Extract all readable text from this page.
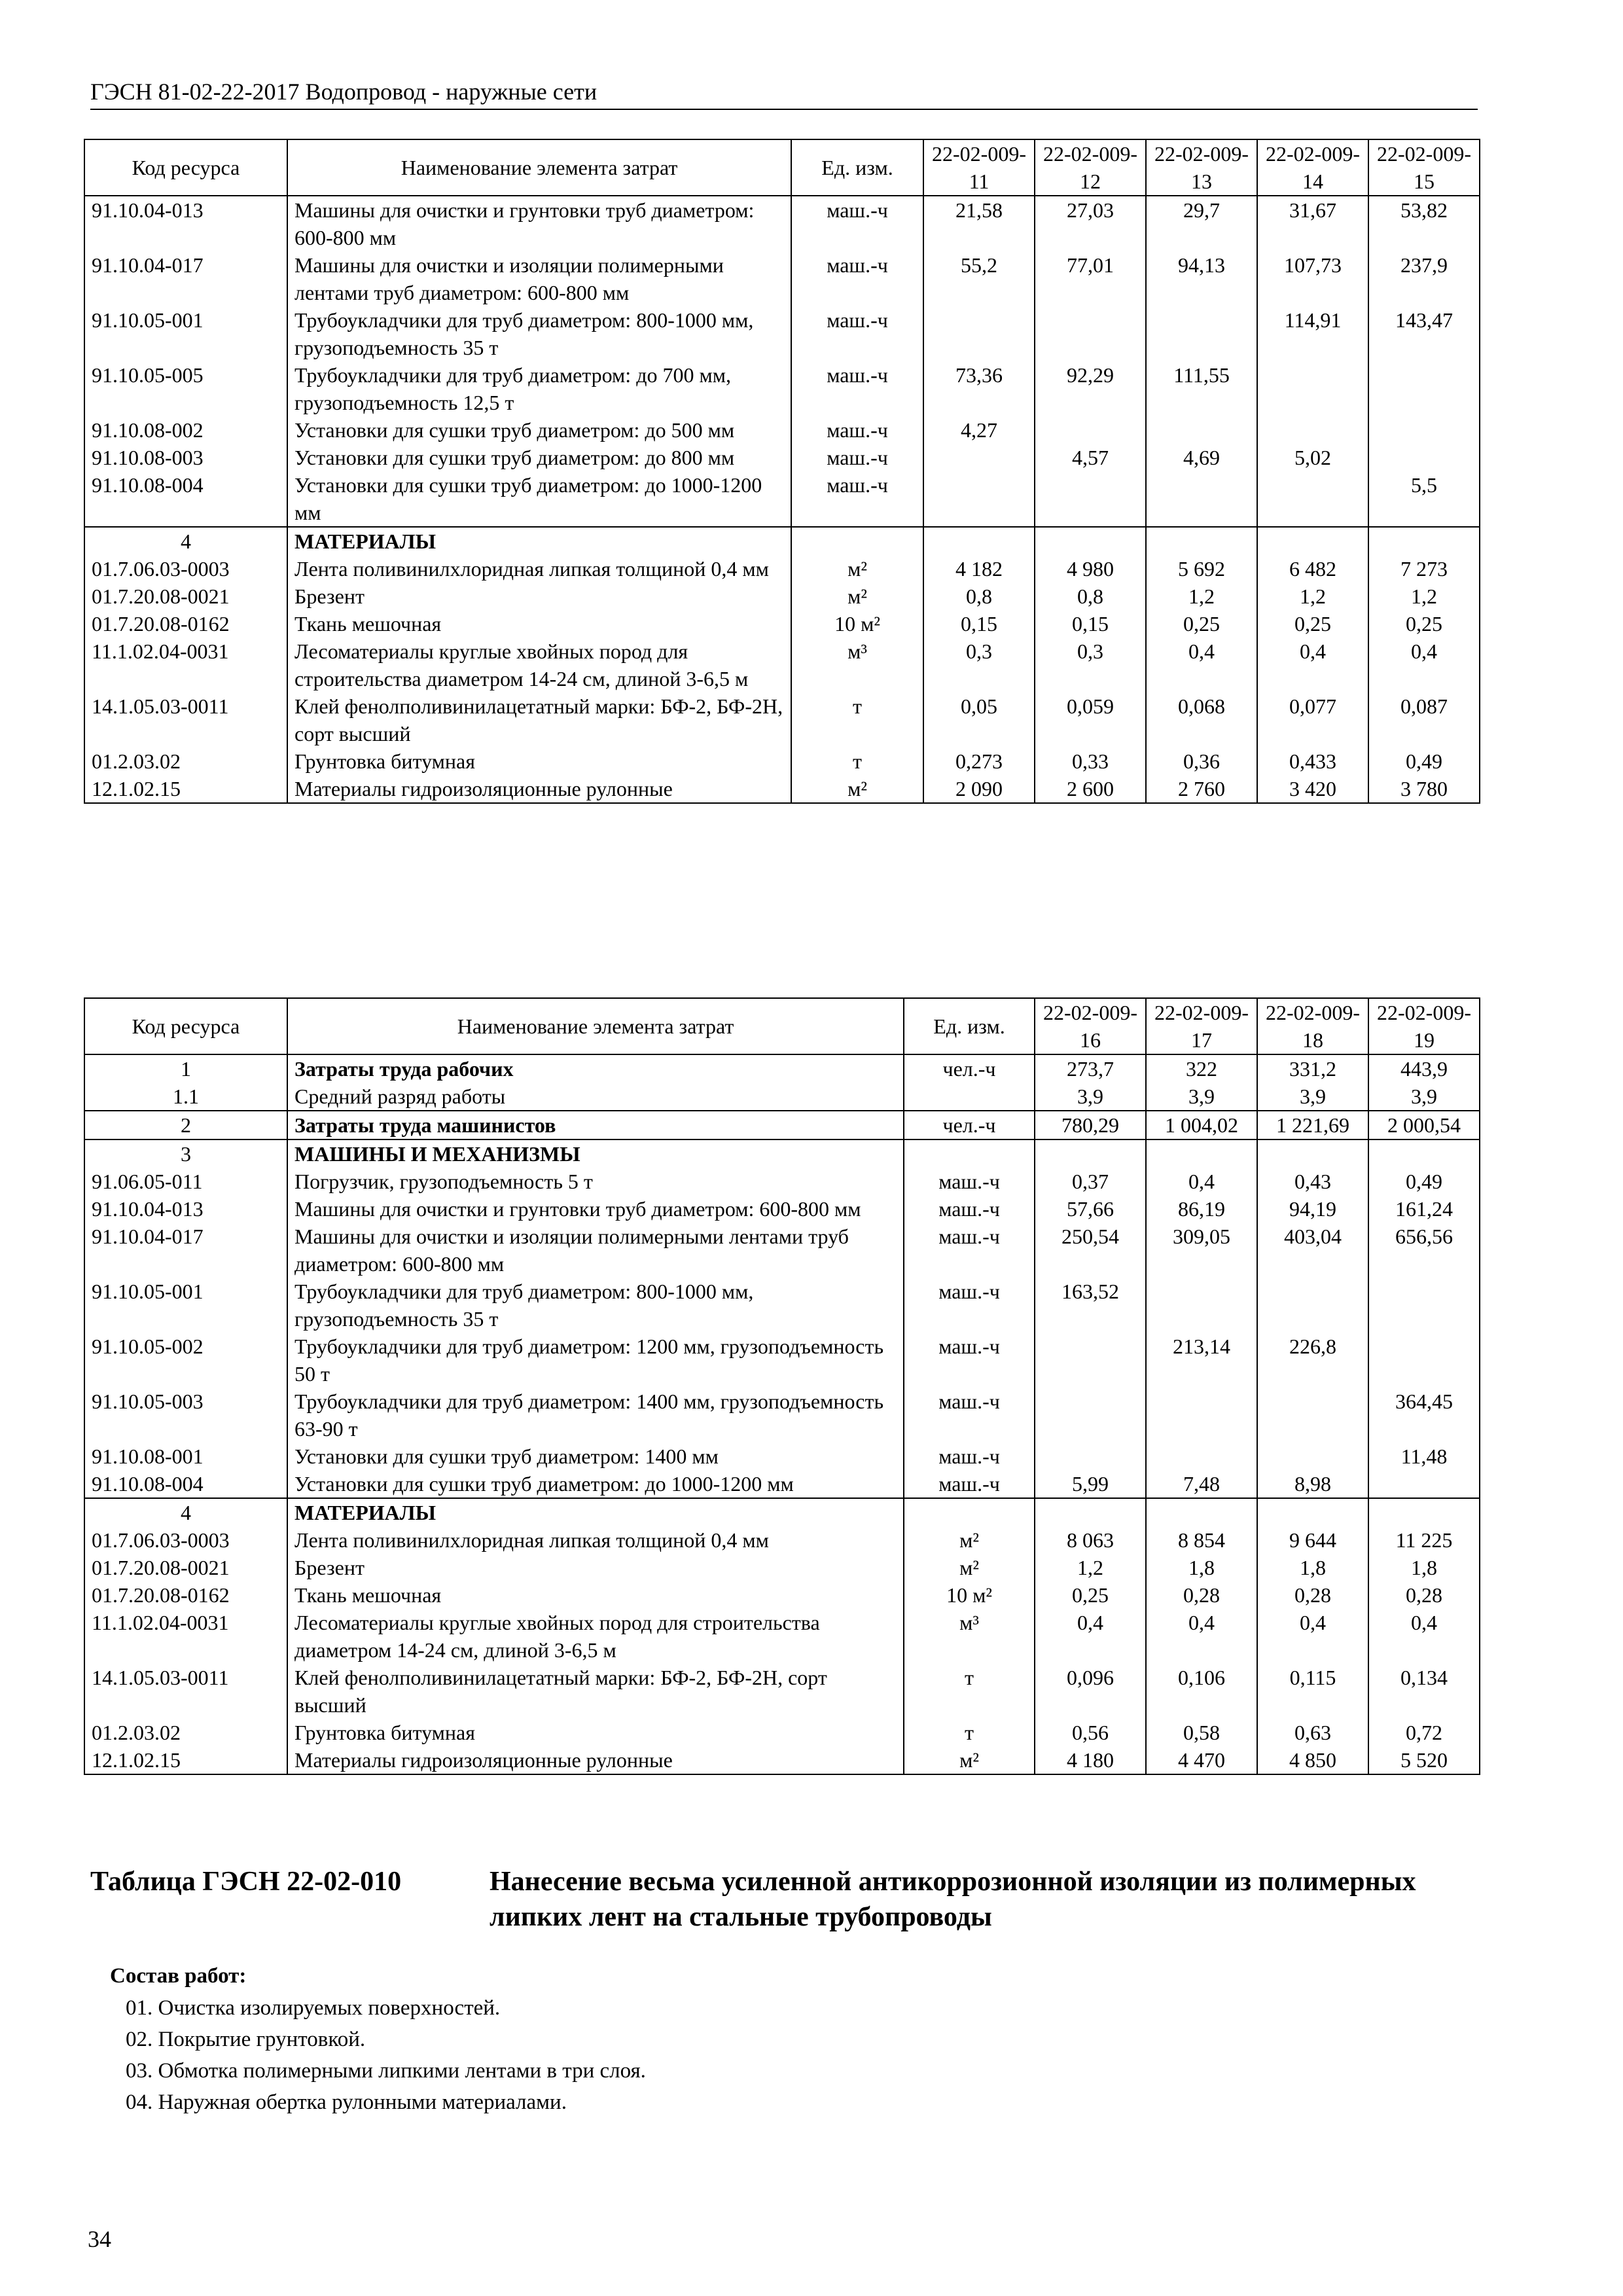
ГЭСН 81-02-22-2017 Водопровод - наружные сети
Код ресурса	Наименование элемента затрат	Ед. изм.	22-02-009-11	22-02-009-12	22-02-009-13	22-02-009-14	22-02-009-15
91.10.04-013	Машины для очистки и грунтовки труб диаметром: 600-800 мм	маш.-ч	21,58	27,03	29,7	31,67	53,82
91.10.04-017	Машины для очистки и изоляции полимерными лентами труб диаметром: 600-800 мм	маш.-ч	55,2	77,01	94,13	107,73	237,9
91.10.05-001	Трубоукладчики для труб диаметром: 800-1000 мм, грузоподъемность 35 т	маш.-ч				114,91	143,47
91.10.05-005	Трубоукладчики для труб диаметром: до 700 мм, грузоподъемность 12,5 т	маш.-ч	73,36	92,29	111,55		
91.10.08-002	Установки для сушки труб диаметром: до 500 мм	маш.-ч	4,27				
91.10.08-003	Установки для сушки труб диаметром: до 800 мм	маш.-ч		4,57	4,69	5,02	
91.10.08-004	Установки для сушки труб диаметром: до 1000-1200 мм	маш.-ч					5,5
4	МАТЕРИАЛЫ						
01.7.06.03-0003	Лента поливинилхлоридная липкая толщиной 0,4 мм	м²	4 182	4 980	5 692	6 482	7 273
01.7.20.08-0021	Брезент	м²	0,8	0,8	1,2	1,2	1,2
01.7.20.08-0162	Ткань мешочная	10 м²	0,15	0,15	0,25	0,25	0,25
11.1.02.04-0031	Лесоматериалы круглые хвойных пород для строительства диаметром 14-24 см, длиной 3-6,5 м	м³	0,3	0,3	0,4	0,4	0,4
14.1.05.03-0011	Клей фенолполивинилацетатный марки: БФ-2, БФ-2Н, сорт высший	т	0,05	0,059	0,068	0,077	0,087
01.2.03.02	Грунтовка битумная	т	0,273	0,33	0,36	0,433	0,49
12.1.02.15	Материалы гидроизоляционные рулонные	м²	2 090	2 600	2 760	3 420	3 780
Код ресурса	Наименование элемента затрат	Ед. изм.	22-02-009-16	22-02-009-17	22-02-009-18	22-02-009-19
1	Затраты труда рабочих	чел.-ч	273,7	322	331,2	443,9
1.1	Средний разряд работы		3,9	3,9	3,9	3,9
2	Затраты труда машинистов	чел.-ч	780,29	1 004,02	1 221,69	2 000,54
3	МАШИНЫ И МЕХАНИЗМЫ					
91.06.05-011	Погрузчик, грузоподъемность 5 т	маш.-ч	0,37	0,4	0,43	0,49
91.10.04-013	Машины для очистки и грунтовки труб диаметром: 600-800 мм	маш.-ч	57,66	86,19	94,19	161,24
91.10.04-017	Машины для очистки и изоляции полимерными лентами труб диаметром: 600-800 мм	маш.-ч	250,54	309,05	403,04	656,56
91.10.05-001	Трубоукладчики для труб диаметром: 800-1000 мм, грузоподъемность 35 т	маш.-ч	163,52			
91.10.05-002	Трубоукладчики для труб диаметром: 1200 мм, грузоподъемность 50 т	маш.-ч		213,14	226,8	
91.10.05-003	Трубоукладчики для труб диаметром: 1400 мм, грузоподъемность 63-90 т	маш.-ч				364,45
91.10.08-001	Установки для сушки труб диаметром: 1400 мм	маш.-ч				11,48
91.10.08-004	Установки для сушки труб диаметром: до 1000-1200 мм	маш.-ч	5,99	7,48	8,98	
4	МАТЕРИАЛЫ					
01.7.06.03-0003	Лента поливинилхлоридная липкая толщиной 0,4 мм	м²	8 063	8 854	9 644	11 225
01.7.20.08-0021	Брезент	м²	1,2	1,8	1,8	1,8
01.7.20.08-0162	Ткань мешочная	10 м²	0,25	0,28	0,28	0,28
11.1.02.04-0031	Лесоматериалы круглые хвойных пород для строительства диаметром 14-24 см, длиной 3-6,5 м	м³	0,4	0,4	0,4	0,4
14.1.05.03-0011	Клей фенолполивинилацетатный марки: БФ-2, БФ-2Н, сорт высший	т	0,096	0,106	0,115	0,134
01.2.03.02	Грунтовка битумная	т	0,56	0,58	0,63	0,72
12.1.02.15	Материалы гидроизоляционные рулонные	м²	4 180	4 470	4 850	5 520
Таблица ГЭСН 22-02-010	Нанесение весьма усиленной антикоррозионной изоляции из полимерных липких лент на стальные трубопроводы
Состав работ:
01. Очистка изолируемых поверхностей.
02. Покрытие грунтовкой.
03. Обмотка полимерными липкими лентами в три слоя.
04. Наружная обертка рулонными материалами.
34
